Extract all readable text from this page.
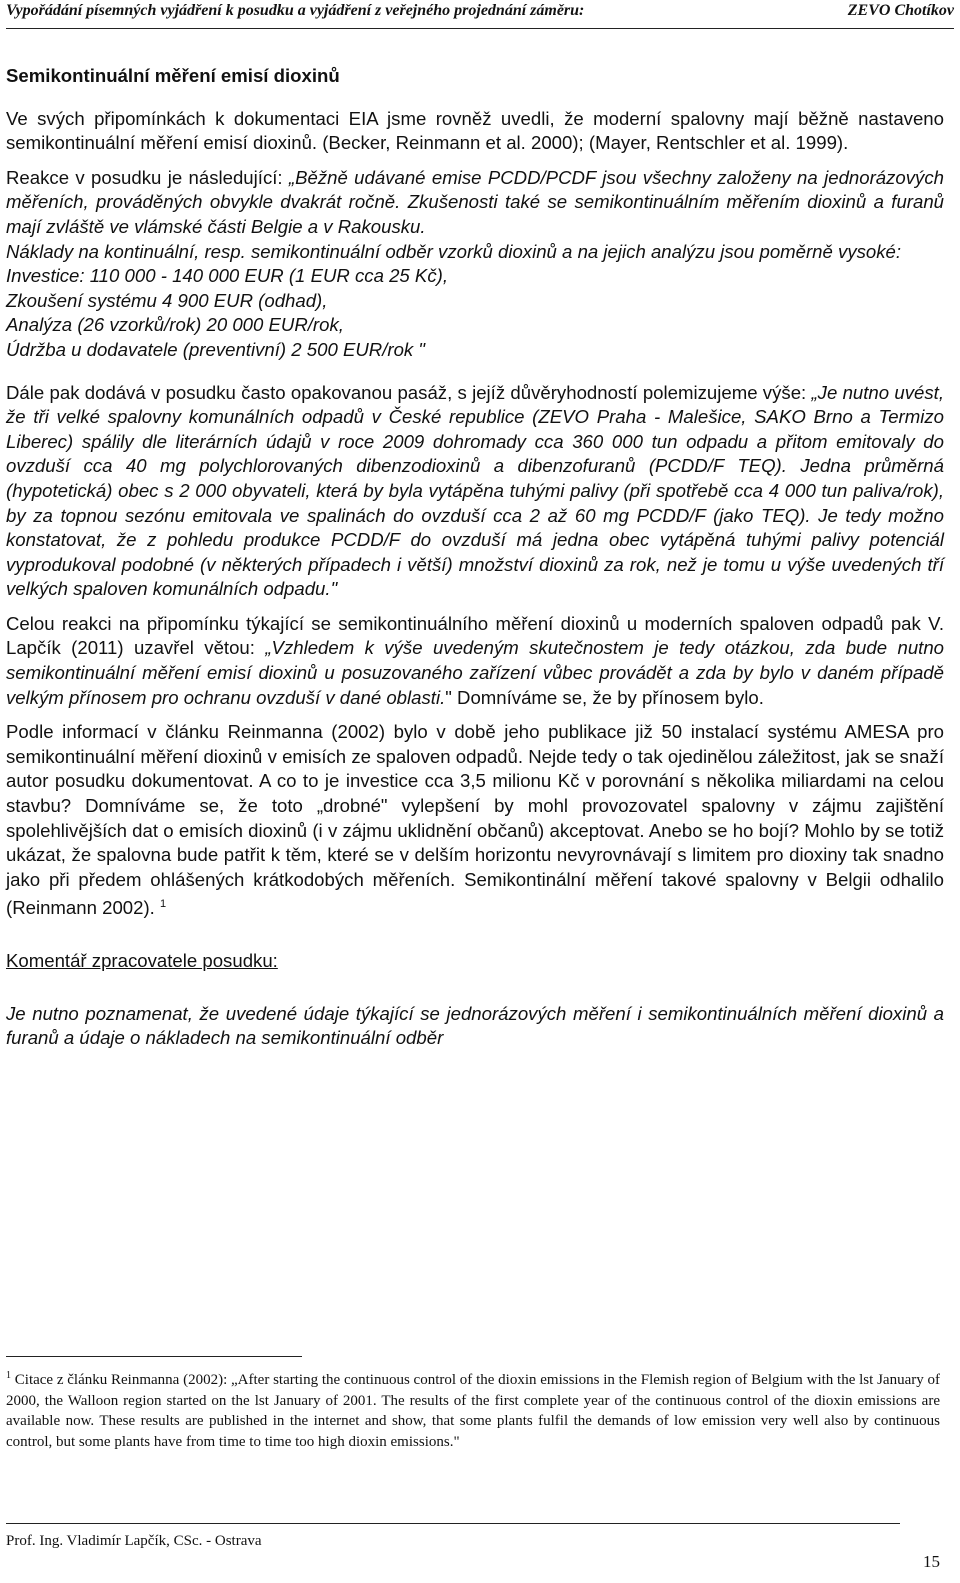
Vypořádání písemných vyjádření k posudku a vyjádření z veřejného projednání záměru:	ZEVO Chotíkov

Semikontinuální měření emisí dioxinů

Ve svých připomínkách k dokumentaci EIA jsme rovněž uvedli, že moderní spalovny mají běžně nastaveno semikontinuální měření emisí dioxinů. (Becker, Reinmann et al. 2000); (Mayer, Rentschler et al. 1999).

Reakce v posudku je následující: „Běžně udávané emise PCDD/PCDF jsou všechny založeny na jednorázových měřeních, prováděných obvykle dvakrát ročně. Zkušenosti také se semikontinuálním měřením dioxinů a furanů mají zvláště ve vlámské části Belgie a v Rakousku.

Náklady na kontinuální, resp. semikontinuální odběr vzorků dioxinů a na jejich analýzu jsou poměrně vysoké:

Investice: 110 000 - 140 000 EUR (1 EUR cca 25 Kč),
Zkoušení systému 4 900 EUR (odhad),
Analýza (26 vzorků/rok) 20 000 EUR/rok,
Údržba u dodavatele (preventivní) 2 500 EUR/rok "

Dále pak dodává v posudku často opakovanou pasáž, s jejíž důvěryhodností polemizujeme výše: „Je nutno uvést, že tři velké spalovny komunálních odpadů v České republice (ZEVO Praha - Malešice, SAKO Brno a Termizo Liberec) spálily dle literárních údajů v roce 2009 dohromady cca 360 000 tun odpadu a přitom emitovaly do ovzduší cca 40 mg polychlorovaných dibenzodioxinů a dibenzofuranů (PCDD/F TEQ). Jedna průměrná (hypotetická) obec s 2 000 obyvateli, která by byla vytápěna tuhými palivy (při spotřebě cca 4 000 tun paliva/rok), by za topnou sezónu emitovala ve spalinách do ovzduší cca 2 až 60 mg PCDD/F (jako TEQ). Je tedy možno konstatovat, že z pohledu produkce PCDD/F do ovzduší má jedna obec vytápěná tuhými palivy potenciál vyprodukoval podobné (v některých případech i větší) množství dioxinů za rok, než je tomu u výše uvedených tří velkých spaloven komunálních odpadu."

Celou reakci na připomínku týkající se semikontinuálního měření dioxinů u moderních spaloven odpadů pak V. Lapčík (2011) uzavřel větou: „Vzhledem k výše uvedeným skutečnostem je tedy otázkou, zda bude nutno semikontinuální měření emisí dioxinů u posuzovaného zařízení vůbec provádět a zda by bylo v daném případě velkým přínosem pro ochranu ovzduší v dané oblasti." Domníváme se, že by přínosem bylo.

Podle informací v článku Reinmanna (2002) bylo v době jeho publikace již 50 instalací systému AMESA pro semikontinuální měření dioxinů v emisích ze spaloven odpadů. Nejde tedy o tak ojedinělou záležitost, jak se snaží autor posudku dokumentovat. A co to je investice cca 3,5 milionu Kč v porovnání s několika miliardami na celou stavbu? Domníváme se, že toto „drobné" vylepšení by mohl provozovatel spalovny v zájmu zajištění spolehlivějších dat o emisích dioxinů (i v zájmu uklidnění občanů) akceptovat. Anebo se ho bojí? Mohlo by se totiž ukázat, že spalovna bude patřit k těm, které se v delším horizontu nevyrovnávají s limitem pro dioxiny tak snadno jako při předem ohlášených krátkodobých měřeních. Semikontinální měření takové spalovny v Belgii odhalilo (Reinmann 2002). $^1$

Komentář zpracovatele posudku:

Je nutno poznamenat, že uvedené údaje týkající se jednorázových měření i semikontinuálních měření dioxinů a furanů a údaje o nákladech na semikontinuální odběr

$^1$ Citace z článku Reinmanna (2002): „After starting the continuous control of the dioxin emissions in the Flemish region of Belgium with the lst January of 2000, the Walloon region started on the lst January of 2001. The results of the first complete year of the continuous control of the dioxin emissions are available now. These results are published in the internet and show, that some plants fulfil the demands of low emission very well also by continuous control, but some plants have from time to time too high dioxin emissions."
Prof. Ing. Vladimír Lapčík, CSc. - Ostrava
15
